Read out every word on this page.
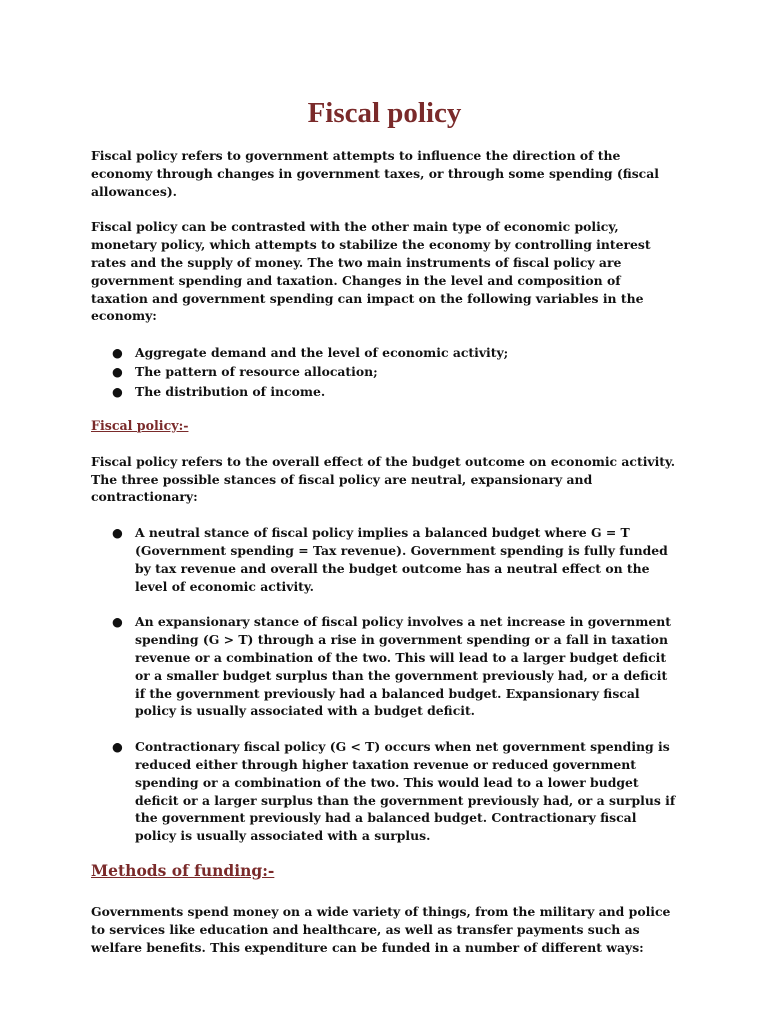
Fiscal policy

Fiscal policy refers to government attempts to influence the direction of the economy through changes in government taxes, or through some spending (fiscal allowances).

Fiscal policy can be contrasted with the other main type of economic policy, monetary policy, which attempts to stabilize the economy by controlling interest rates and the supply of money. The two main instruments of fiscal policy are government spending and taxation. Changes in the level and composition of taxation and government spending can impact on the following variables in the economy:

● Aggregate demand and the level of economic activity;
● The pattern of resource allocation;
● The distribution of income.
Fiscal policy:-

Fiscal policy refers to the overall effect of the budget outcome on economic activity. The three possible stances of fiscal policy are neutral, expansionary and contractionary:

● A neutral stance of fiscal policy implies a balanced budget where G = T (Government spending = Tax revenue). Government spending is fully funded by tax revenue and overall the budget outcome has a neutral effect on the level of economic activity.
● An expansionary stance of fiscal policy involves a net increase in government spending (G > T) through a rise in government spending or a fall in taxation revenue or a combination of the two. This will lead to a larger budget deficit or a smaller budget surplus than the government previously had, or a deficit if the government previously had a balanced budget. Expansionary fiscal policy is usually associated with a budget deficit.
● Contractionary fiscal policy (G < T) occurs when net government spending is reduced either through higher taxation revenue or reduced government spending or a combination of the two. This would lead to a lower budget deficit or a larger surplus than the government previously had, or a surplus if the government previously had a balanced budget. Contractionary fiscal policy is usually associated with a surplus.
Methods of funding:-

Governments spend money on a wide variety of things, from the military and police to services like education and healthcare, as well as transfer payments such as welfare benefits. This expenditure can be funded in a number of different ways:
